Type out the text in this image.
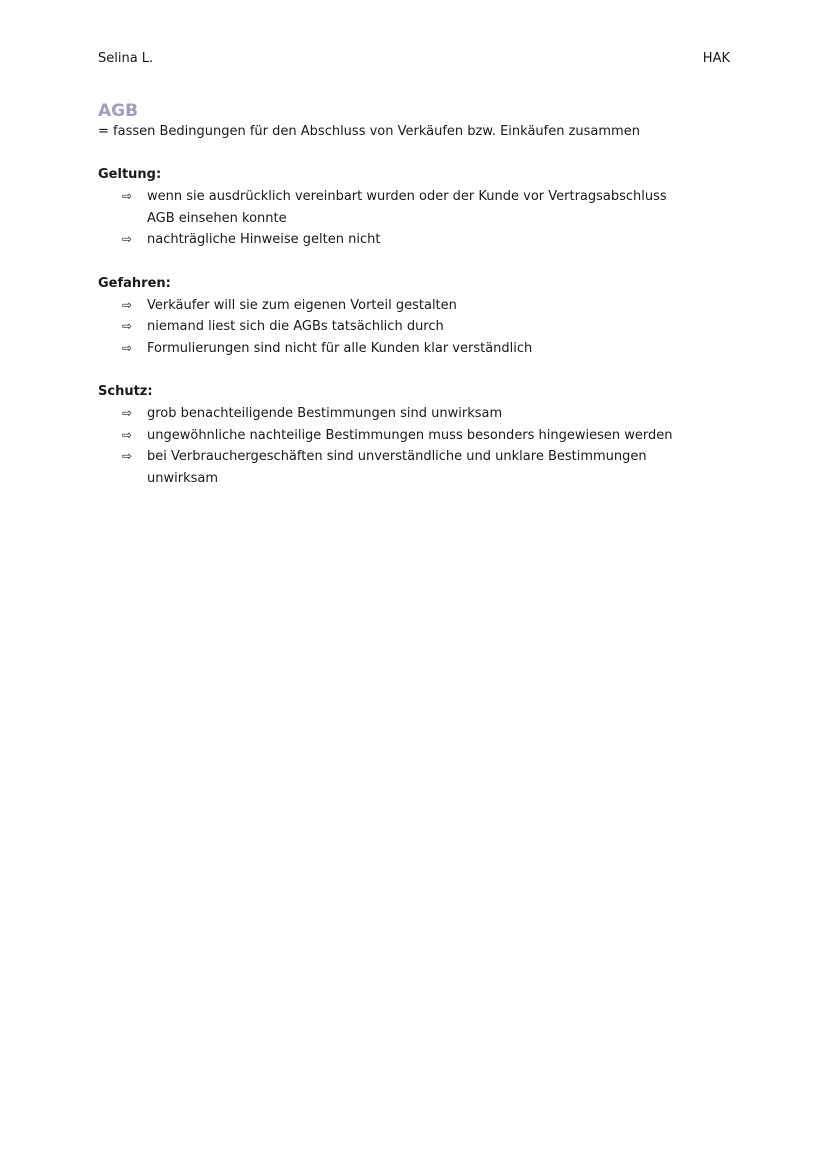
Selina L.	HAK
AGB

= fassen Bedingungen für den Abschluss von Verkäufen bzw. Einkäufen zusammen

Geltung:

⇨	wenn sie ausdrücklich vereinbart wurden oder der Kunde vor Vertragsabschluss AGB einsehen konnte
⇨	nachträgliche Hinweise gelten nicht

Gefahren:

⇨	Verkäufer will sie zum eigenen Vorteil gestalten
⇨	niemand liest sich die AGBs tatsächlich durch
⇨	Formulierungen sind nicht für alle Kunden klar verständlich

Schutz:

⇨	grob benachteiligende Bestimmungen sind unwirksam
⇨	ungewöhnliche nachteilige Bestimmungen muss besonders hingewiesen werden
⇨	bei Verbrauchergeschäften sind unverständliche und unklare Bestimmungen unwirksam
